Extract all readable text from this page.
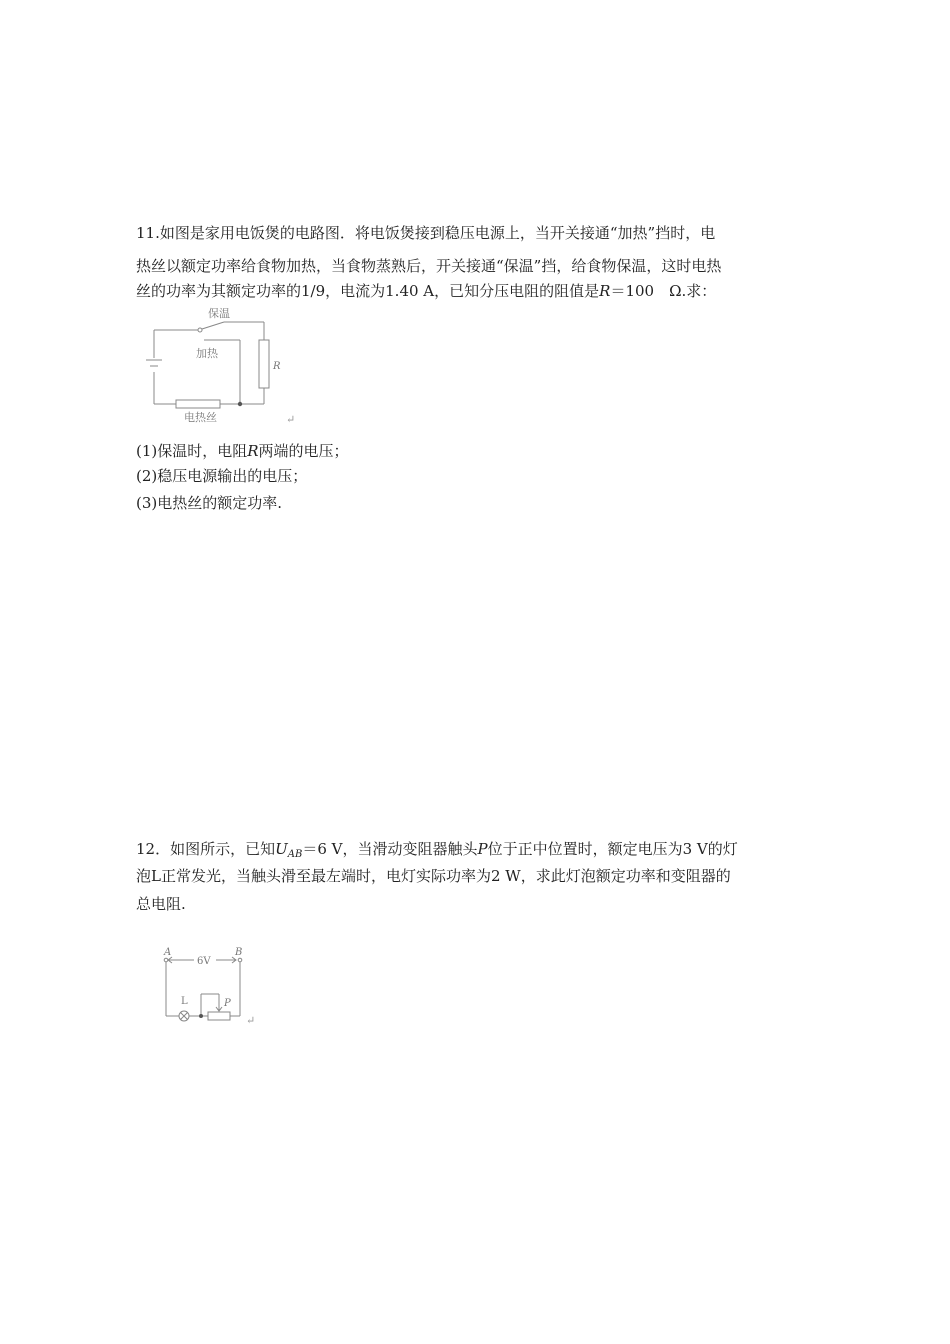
11.如图是家用电饭煲的电路图．将电饭煲接到稳压电源上，当开关接通“加热”挡时，电
热丝以额定功率给食物加热，当食物蒸熟后，开关接通“保温”挡，给食物保温，这时电热
丝的功率为其额定功率的1/9，电流为1.40 A，已知分压电阻的阻值是R＝100　Ω.求：
保温
加热
R
电热丝	↵
(1)保温时，电阻R两端的电压；
(2)稳压电源输出的电压；
(3)电热丝的额定功率.
12．如图所示，已知$U_{AB}=6$ V，当滑动变阻器触头P位于正中位置时，额定电压为3 V的灯
泡L正常发光，当触头滑至最左端时，电灯实际功率为2 W，求此灯泡额定功率和变阻器的
总电阻.
A	B
6V
L	P
↵
